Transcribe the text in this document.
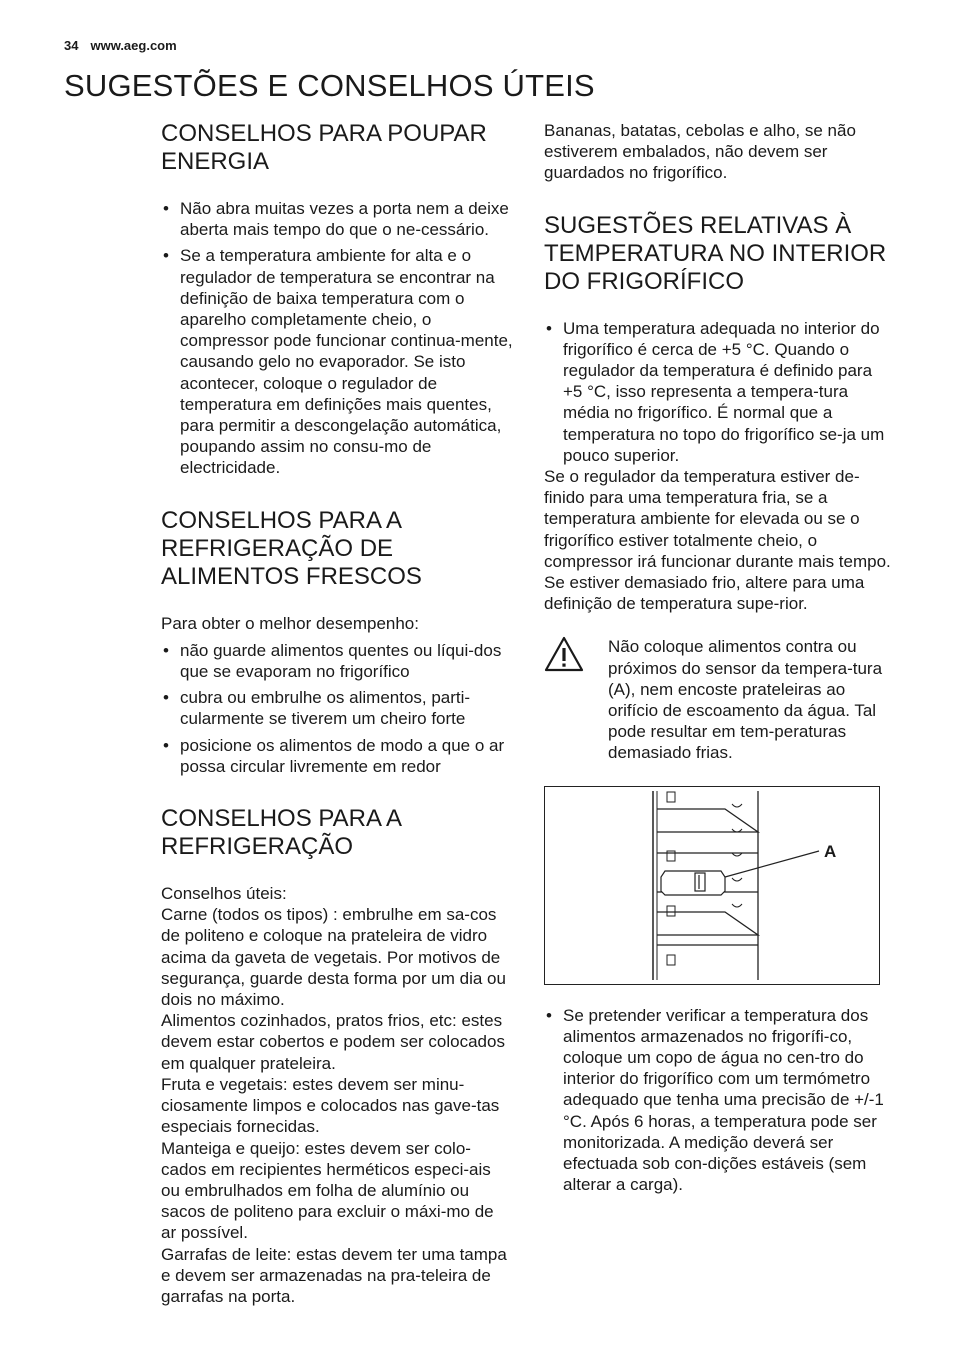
34 www.aeg.com
SUGESTÕES E CONSELHOS ÚTEIS
CONSELHOS PARA POUPAR ENERGIA
• Não abra muitas vezes a porta nem a deixe aberta mais tempo do que o ne-cessário.
• Se a temperatura ambiente for alta e o regulador de temperatura se encontrar na definição de baixa temperatura com o aparelho completamente cheio, o compressor pode funcionar continua-mente, causando gelo no evaporador. Se isto acontecer, coloque o regulador de temperatura em definições mais quentes, para permitir a descongelação automática, poupando assim no consu-mo de electricidade.
CONSELHOS PARA A REFRIGERAÇÃO DE ALIMENTOS FRESCOS

Para obter o melhor desempenho:

• não guarde alimentos quentes ou líqui-dos que se evaporam no frigorífico
• cubra ou embrulhe os alimentos, parti-cularmente se tiverem um cheiro forte
• posicione os alimentos de modo a que o ar possa circular livremente em redor
CONSELHOS PARA A REFRIGERAÇÃO

Conselhos úteis:

Carne (todos os tipos) : embrulhe em sa-cos de politeno e coloque na prateleira de vidro acima da gaveta de vegetais. Por motivos de segurança, guarde desta forma por um dia ou dois no máximo.

Alimentos cozinhados, pratos frios, etc: estes devem estar cobertos e podem ser colocados em qualquer prateleira.

Fruta e vegetais: estes devem ser minu-ciosamente limpos e colocados nas gave-tas especiais fornecidas.

Manteiga e queijo: estes devem ser colo-cados em recipientes herméticos especi-ais ou embrulhados em folha de alumínio ou sacos de politeno para excluir o máxi-mo de ar possível.

Garrafas de leite: estas devem ter uma tampa e devem ser armazenadas na pra-teleira de garrafas na porta.

Bananas, batatas, cebolas e alho, se não estiverem embalados, não devem ser guardados no frigorífico.

SUGESTÕES RELATIVAS À TEMPERATURA NO INTERIOR DO FRIGORÍFICO
• Uma temperatura adequada no interior do frigorífico é cerca de +5 °C. Quando o regulador da temperatura é definido para +5 °C, isso representa a tempera-tura média no frigorífico. É normal que a temperatura no topo do frigorífico se-ja um pouco superior.

Se o regulador da temperatura estiver de-finido para uma temperatura fria, se a temperatura ambiente for elevada ou se o frigorífico estiver totalmente cheio, o compressor irá funcionar durante mais tempo. Se estiver demasiado frio, altere para uma definição de temperatura supe-rior.

Não coloque alimentos contra ou próximos do sensor da tempera-tura (A), nem encoste prateleiras ao orifício de escoamento da água. Tal pode resultar em tem-peraturas demasiado frias.

A
• Se pretender verificar a temperatura dos alimentos armazenados no frigorífi-co, coloque um copo de água no cen-tro do interior do frigorífico com um termómetro adequado que tenha uma precisão de +/-1 °C. Após 6 horas, a temperatura pode ser monitorizada. A medição deverá ser efectuada sob con-dições estáveis (sem alterar a carga).
